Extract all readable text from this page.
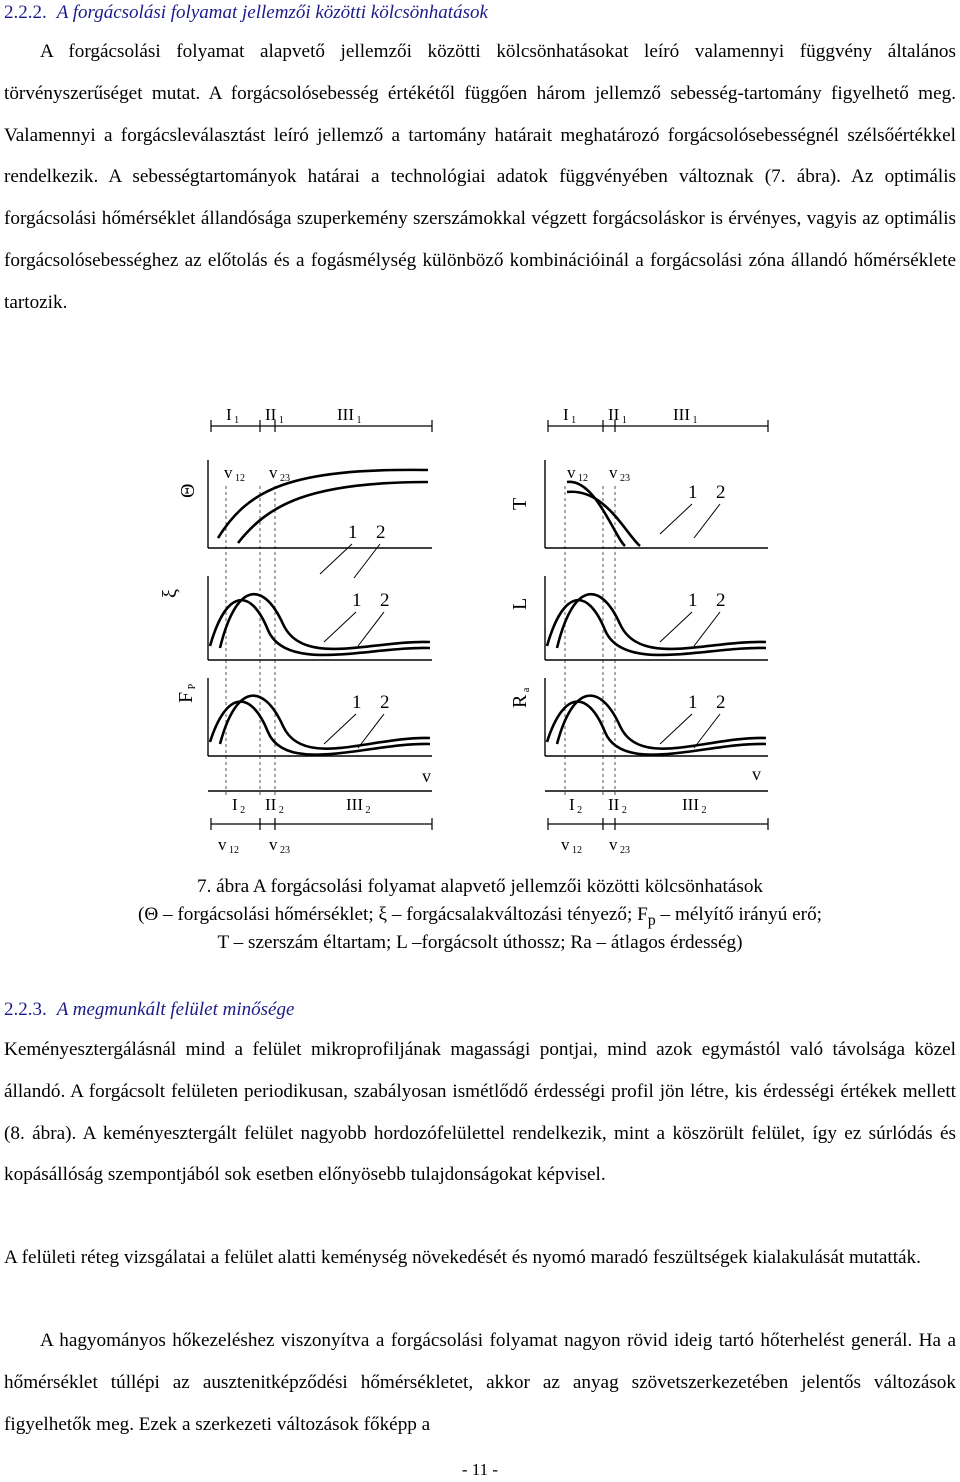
2.2.2. A forgácsolási folyamat jellemzői közötti kölcsönhatások

A forgácsolási folyamat alapvető jellemzői közötti kölcsönhatásokat leíró valamennyi függvény általános törvényszerűséget mutat. A forgácsolósebesség értékétől függően három jellemző sebesség-tartomány figyelhető meg. Valamennyi a forgácsleválasztást leíró jellemző a tartomány határait meghatározó forgácsolósebességnél szélsőértékkel rendelkezik. A sebességtartományok határai a technológiai adatok függvényében változnak (7. ábra). Az optimális forgácsolási hőmérséklet állandósága szuperkemény szerszámokkal végzett forgácsoláskor is érvényes, vagyis az optimális forgácsolósebességhez az előtolás és a fogásmélység különböző kombinációinál a forgácsolási zóna állandó hőmérséklete tartozik.

I 1 II 1	III 1
I 2 II 2	III 2
v 12 v 23
v 12 v 23
v
1 2
1 2
1 2
I 1 II 1	III 1
I 2 II 2	III 2
v 12 v 23
v 12 v 23
v
1 2
1 2
1 2
Θ
ξ
F P
T
L
R a
7. ábra A forgácsolási folyamat alapvető jellemzői közötti kölcsönhatások
(Θ – forgácsolási hőmérséklet; ξ – forgácsalakváltozási tényező; $F_p$ – mélyítő irányú erő;
T – szerszám éltartam; L –forgácsolt úthossz; Ra – átlagos érdesség)
2.2.3. A megmunkált felület minősége

Keményesztergálásnál mind a felület mikroprofiljának magassági pontjai, mind azok egymástól való távolsága közel állandó. A forgácsolt felületen periodikusan, szabályosan ismétlődő érdességi profil jön létre, kis érdességi értékek mellett (8. ábra). A keményesztergált felület nagyobb hordozófelülettel rendelkezik, mint a köszörült felület, így ez súrlódás és kopásállóság szempontjából sok esetben előnyösebb tulajdonságokat képvisel.

A felületi réteg vizsgálatai a felület alatti keménység növekedését és nyomó maradó feszültségek kialakulását mutatták.

A hagyományos hőkezeléshez viszonyítva a forgácsolási folyamat nagyon rövid ideig tartó hőterhelést generál. Ha a hőmérséklet túllépi az ausztenitképződési hőmérsékletet, akkor az anyag szövetszerkezetében jelentős változások figyelhetők meg. Ezek a szerkezeti változások főképp a

- 11 -
